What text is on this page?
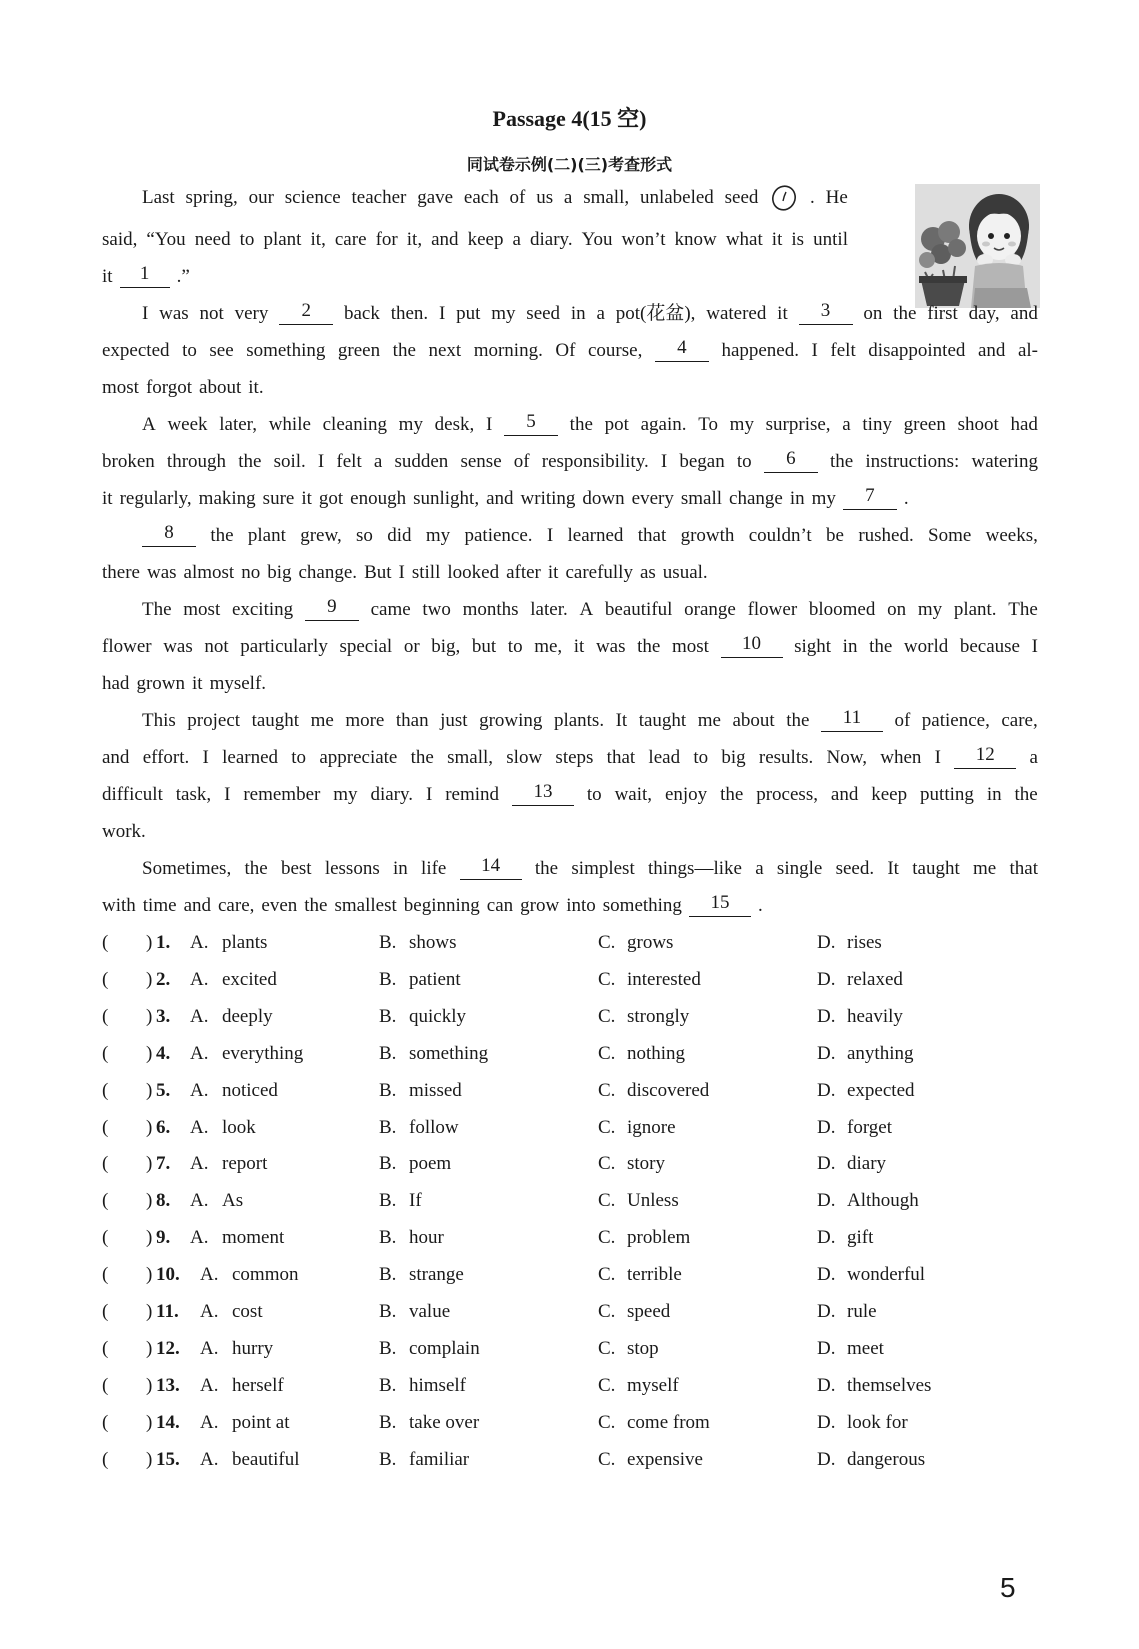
Passage 4(15 空)
同试卷示例(二)(三)考查形式
Last spring, our science teacher gave each of us a small, unlabeled seed	. He
said, “You need to plant it, care for it, and keep a diary. You won’t know what it is until
it	1	.”
I was not very	2	back then. I put my seed in a pot(花盆), watered it	3	on the first day, and
expected to see something green the next morning. Of course,	4	happened. I felt disappointed and al-
most forgot about it.
A week later, while cleaning my desk, I	5	the pot again. To my surprise, a tiny green shoot had
broken through the soil. I felt a sudden sense of responsibility. I began to	6	the instructions: watering
it regularly, making sure it got enough sunlight, and writing down every small change in my	7	.
8	the plant grew, so did my patience. I learned that growth couldn’t be rushed. Some weeks,
there was almost no big change. But I still looked after it carefully as usual.
The most exciting	9	came two months later. A beautiful orange flower bloomed on my plant. The
flower was not particularly special or big, but to me, it was the most	10	sight in the world because I
had grown it myself.
This project taught me more than just growing plants. It taught me about the	11	of patience, care,
and effort. I learned to appreciate the small, slow steps that lead to big results. Now, when I	12	a
difficult task, I remember my diary. I remind	13	to wait, enjoy the process, and keep putting in the
work.
Sometimes, the best lessons in life	14	the simplest things—like a single seed. It taught me that
with time and care, even the smallest beginning can grow into something	15	.
( ) 1. A. plants	B. shows	C. grows	D. rises
( ) 2. A. excited	B. patient	C. interested	D. relaxed
( ) 3. A. deeply	B. quickly	C. strongly	D. heavily
( ) 4. A. everything	B. something	C. nothing	D. anything
( ) 5. A. noticed	B. missed	C. discovered	D. expected
( ) 6. A. look	B. follow	C. ignore	D. forget
( ) 7. A. report	B. poem	C. story	D. diary
( ) 8. A. As	B. If	C. Unless	D. Although
( ) 9. A. moment	B. hour	C. problem	D. gift
( ) 10. A. common	B. strange	C. terrible	D. wonderful
( ) 11. A. cost	B. value	C. speed	D. rule
( ) 12. A. hurry	B. complain	C. stop	D. meet
( ) 13. A. herself	B. himself	C. myself	D. themselves
( ) 14. A. point at	B. take over	C. come from	D. look for
( ) 15. A. beautiful	B. familiar	C. expensive	D. dangerous
5
